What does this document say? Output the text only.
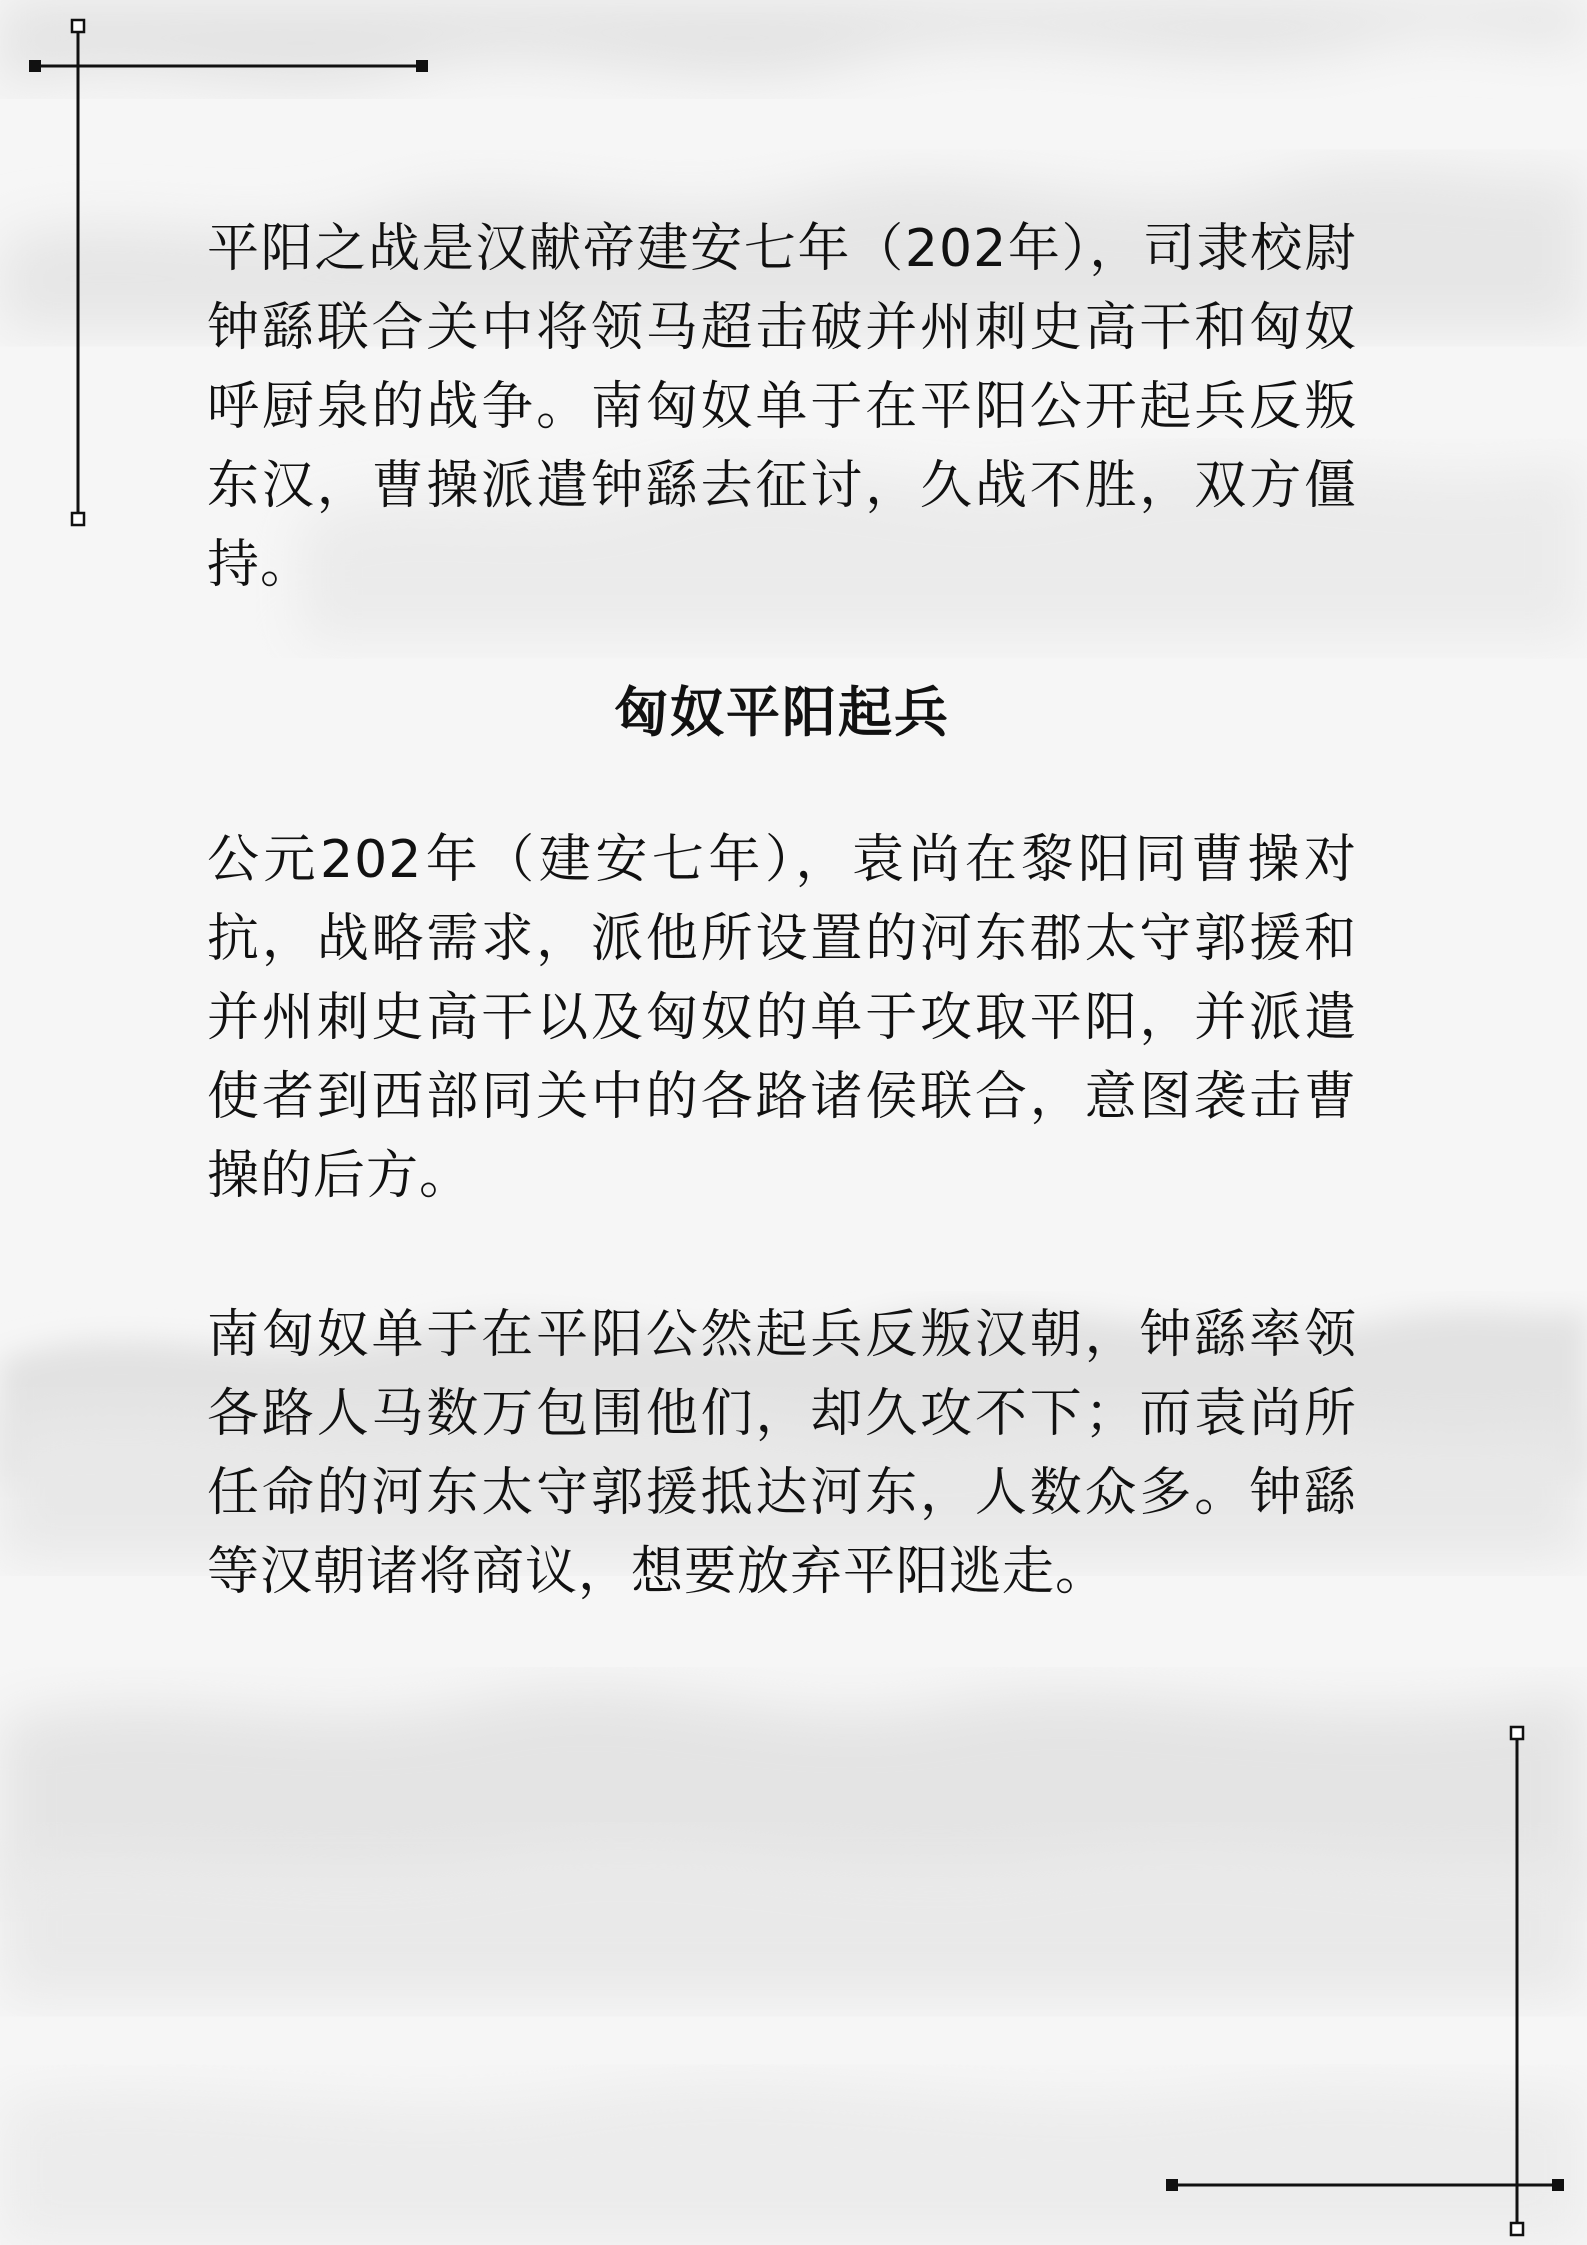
平阳之战是汉献帝建安七年（202年），司隶校尉钟繇联合关中将领马超击破并州刺史高干和匈奴呼厨泉的战争。南匈奴单于在平阳公开起兵反叛东汉，曹操派遣钟繇去征讨，久战不胜，双方僵持。

匈奴平阳起兵

公元202年（建安七年），袁尚在黎阳同曹操对抗，战略需求，派他所设置的河东郡太守郭援和并州刺史高干以及匈奴的单于攻取平阳，并派遣使者到西部同关中的各路诸侯联合，意图袭击曹操的后方。

南匈奴单于在平阳公然起兵反叛汉朝，钟繇率领各路人马数万包围他们，却久攻不下；而袁尚所任命的河东太守郭援抵达河东，人数众多。钟繇等汉朝诸将商议，想要放弃平阳逃走。
